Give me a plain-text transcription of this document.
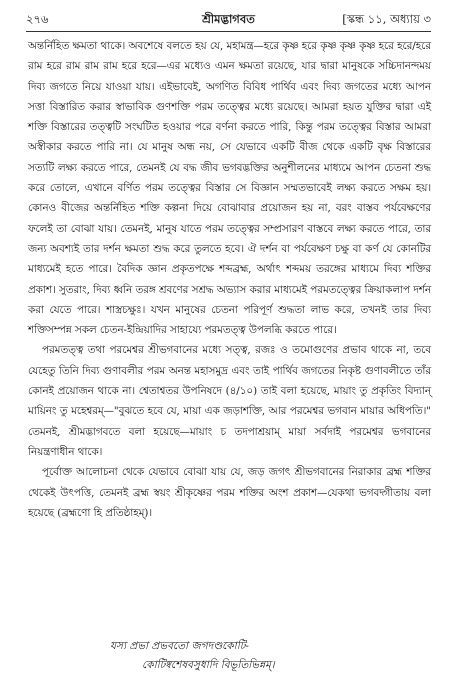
২৭৬	শ্রীমদ্ভাগবত	[স্কন্ধ ১১, অধ্যায় ৩

অন্তর্নিহিত ক্ষমতা থাকে। অবশেষে বলতে হয় যে, মহামন্ত্র—হরে কৃষ্ণ হরে কৃষ্ণ কৃষ্ণ কৃষ্ণ হরে হরে/হরে রাম হরে রাম রাম রাম হরে হরে—এর মধ্যেও এমন ক্ষমতা রয়েছে, যার দ্বারা মানুষকে সচ্চিদানন্দময় দিব্য জগতে নিয়ে যাওয়া যায়। এইভাবেই, অগণিত বিবিধ পার্থিব এবং দিব্য জগতের মধ্যে আপন সত্তা বিস্তারিত করার স্বাভাবিক গুণশক্তি পরম তত্ত্বের মধ্যে রয়েছে। আমরা হয়ত যুক্তির দ্বারা এই শক্তি বিস্তারের তত্ত্বটি সংঘটিত হওয়ার পরে বর্ণনা করতে পারি, কিন্তু পরম তত্ত্বের বিস্তার আমরা অস্বীকার করতে পারি না। যে মানুষ অন্ধ নয়, সে যেভাবে একটি বীজ থেকে একটি বৃক্ষ বিস্তারের সত্যটি লক্ষ্য করতে পারে, তেমনই যে বদ্ধ জীব ভগবদ্ভক্তির অনুশীলনের মাধ্যমে আপন চেতনা শুদ্ধ করে তোলে, এখানে বর্ণিত পরম তত্ত্বের বিস্তার সে বিজ্ঞান সম্মতভাবেই লক্ষ্য করতে সক্ষম হয়। কোনও বীজের অন্তর্নিহিত শক্তি কল্পনা দিয়ে বোঝাবার প্রয়োজন হয় না, বরং বাস্তব পর্যবেক্ষণের ফলেই তা বোঝা যায়। তেমনই, মানুষ যাতে পরম তত্ত্বের সম্প্রসারণ বাস্তবে লক্ষ্য করতে পারে, তার জন্য অবশ্যই তার দর্শন ক্ষমতা শুদ্ধ করে তুলতে হবে। ঐ দর্শন বা পর্যবেক্ষণ চক্ষু বা কর্ণ যে কোনটির মাধ্যমেই হতে পারে। বৈদিক জ্ঞান প্রকৃতপক্ষে শব্দব্রহ্ম, অর্থাৎ শব্দময় তরঙ্গের মাধ্যমে দিব্য শক্তির প্রকাশ। সুতরাং, দিব্য ধ্বনি তরঙ্গ শ্রবণের সশ্রদ্ধ অভ্যাস করার মাধ্যমেই পরমতত্ত্বের ক্রিয়াকলাপ দর্শন করা যেতে পারে। শাস্ত্রচক্ষুঃ। যখন মানুষের চেতনা পরিপূর্ণ শুদ্ধতা লাভ করে, তখনই তার দিব্য শক্তিসম্পন্ন সকল চেতন-ইন্দ্রিয়াদির সাহায্যে পরমতত্ত্ব উপলব্ধি করতে পারে।

পরমতত্ত্ব তথা পরমেশ্বর শ্রীভগবানের মধ্যে সত্ত্ব, রজঃ ও তমোগুণের প্রভাব থাকে না, তবে যেহেতু তিনি দিব্য গুণাবলীর পরম অনন্ত মহাসমুদ্র এবং তাই পার্থিব জগতের নিকৃষ্ট গুণাবলীতে তাঁর কোনই প্রয়োজন থাকে না। শ্বেতাশ্বতর উপনিষদে (৪/১০) তাই বলা হয়েছে, মায়াং তু প্রকৃতিং বিদ্যান্ মায়িনং তু মহেশ্বরম্—"বুঝতে হবে যে, মায়া এক জড়াশক্তি, আর পরমেশ্বর ভগবান মায়ার অধিপতি।" তেমনই, শ্রীমদ্ভাগবতে বলা হয়েছে—মায়াং চ তদপাশ্রয়াম্ মায়া সর্বদাই পরমেশ্বর ভগবানের নিয়ন্ত্রণাধীন থাকে।

পূর্বোক্ত আলোচনা থেকে যেভাবে বোঝা যায় যে, জড় জগৎ শ্রীভগবানের নিরাকার ব্রহ্ম শক্তির থেকেই উৎপত্তি, তেমনই ব্রহ্ম স্বয়ং শ্রীকৃষ্ণের পরম শক্তির অংশ প্রকাশ—যেকথা ভগবদ্গীতায় বলা হয়েছে (ব্রহ্মণো হি প্রতিষ্ঠাহম্)।

যস্য প্রভা প্রভবতো জগদণ্ডকোটি-
কোটিষ্বশেষবসুধাদি বিভূতিভিন্নম্।
